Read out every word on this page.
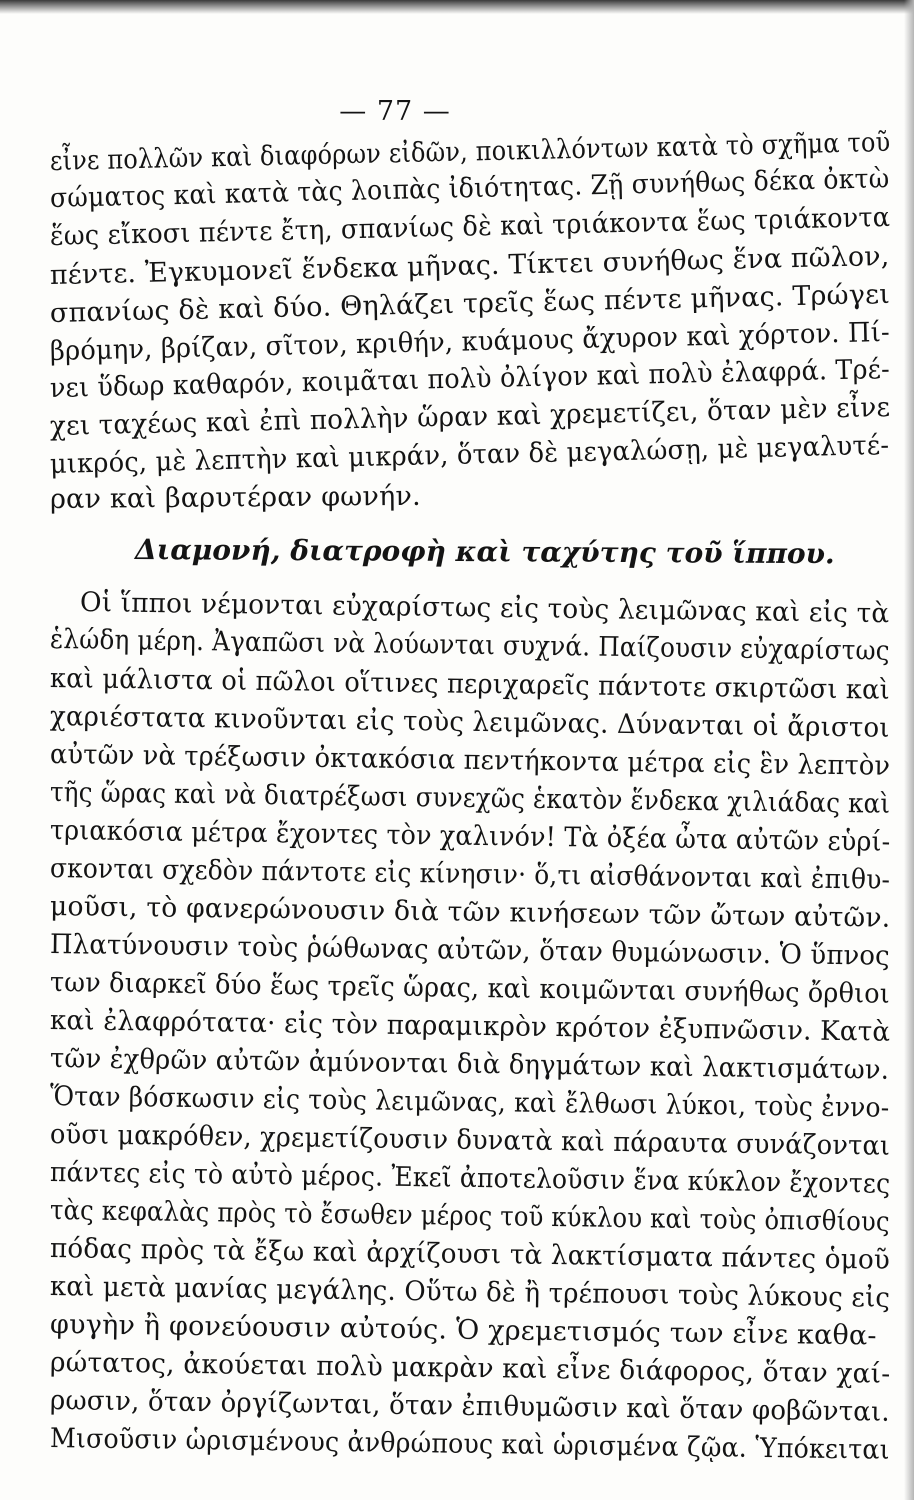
— 77 —
εἶνε πολλῶν καὶ διαφόρων εἰδῶν, ποικιλλόντων κατὰ τὸ σχῆμα τοῦ
σώματος καὶ κατὰ τὰς λοιπὰς ἰδιότητας. Ζῇ συνήθως δέκα ὀκτὼ
ἕως εἴκοσι πέντε ἔτη, σπανίως δὲ καὶ τριάκοντα ἕως τριάκοντα
πέντε. Ἐγκυμονεῖ ἕνδεκα μῆνας. Τίκτει συνήθως ἕνα πῶλον,
σπανίως δὲ καὶ δύο. Θηλάζει τρεῖς ἕως πέντε μῆνας. Τρώγει
βρόμην, βρίζαν, σῖτον, κριθήν, κυάμους ἄχυρον καὶ χόρτον. Πί-
νει ὕδωρ καθαρόν, κοιμᾶται πολὺ ὀλίγον καὶ πολὺ ἐλαφρά. Τρέ-
χει ταχέως καὶ ἐπὶ πολλὴν ὥραν καὶ χρεμετίζει, ὅταν μὲν εἶνε
μικρός, μὲ λεπτὴν καὶ μικράν, ὅταν δὲ μεγαλώσῃ, μὲ μεγαλυτέ-
ραν καὶ βαρυτέραν φωνήν.
Διαμονή, διατροφὴ καὶ ταχύτης τοῦ ἵππου.
Οἱ ἵπποι νέμονται εὐχαρίστως εἰς τοὺς λειμῶνας καὶ εἰς τὰ
ἑλώδη μέρη. Ἀγαπῶσι νὰ λούωνται συχνά. Παίζουσιν εὐχαρίστως
καὶ μάλιστα οἱ πῶλοι οἵτινες περιχαρεῖς πάντοτε σκιρτῶσι καὶ
χαριέστατα κινοῦνται εἰς τοὺς λειμῶνας. Δύνανται οἱ ἄριστοι
αὐτῶν νὰ τρέξωσιν ὀκτακόσια πεντήκοντα μέτρα εἰς ἓν λεπτὸν
τῆς ὥρας καὶ νὰ διατρέξωσι συνεχῶς ἑκατὸν ἕνδεκα χιλιάδας καὶ
τριακόσια μέτρα ἔχοντες τὸν χαλινόν! Τὰ ὀξέα ὦτα αὐτῶν εὑρί-
σκονται σχεδὸν πάντοτε εἰς κίνησιν· ὅ,τι αἰσθάνονται καὶ ἐπιθυ-
μοῦσι, τὸ φανερώνουσιν διὰ τῶν κινήσεων τῶν ὤτων αὐτῶν.
Πλατύνουσιν τοὺς ῥώθωνας αὐτῶν, ὅταν θυμώνωσιν. Ὁ ὕπνος
των διαρκεῖ δύο ἕως τρεῖς ὥρας, καὶ κοιμῶνται συνήθως ὄρθιοι
καὶ ἐλαφρότατα· εἰς τὸν παραμικρὸν κρότον ἐξυπνῶσιν. Κατὰ
τῶν ἐχθρῶν αὐτῶν ἀμύνονται διὰ δηγμάτων καὶ λακτισμάτων.
Ὅταν βόσκωσιν εἰς τοὺς λειμῶνας, καὶ ἔλθωσι λύκοι, τοὺς ἐννο-
οῦσι μακρόθεν, χρεμετίζουσιν δυνατὰ καὶ πάραυτα συνάζονται
πάντες εἰς τὸ αὐτὸ μέρος. Ἐκεῖ ἀποτελοῦσιν ἕνα κύκλον ἔχοντες
τὰς κεφαλὰς πρὸς τὸ ἔσωθεν μέρος τοῦ κύκλου καὶ τοὺς ὀπισθίους
πόδας πρὸς τὰ ἔξω καὶ ἀρχίζουσι τὰ λακτίσματα πάντες ὁμοῦ
καὶ μετὰ μανίας μεγάλης. Οὕτω δὲ ἢ τρέπουσι τοὺς λύκους εἰς
φυγὴν ἢ φονεύουσιν αὐτούς. Ὁ χρεμετισμός των εἶνε καθα-
ρώτατος, ἀκούεται πολὺ μακρὰν καὶ εἶνε διάφορος, ὅταν χαί-
ρωσιν, ὅταν ὀργίζωνται, ὅταν ἐπιθυμῶσιν καὶ ὅταν φοβῶνται.
Μισοῦσιν ὡρισμένους ἀνθρώπους καὶ ὡρισμένα ζῷα. Ὑπόκειται
